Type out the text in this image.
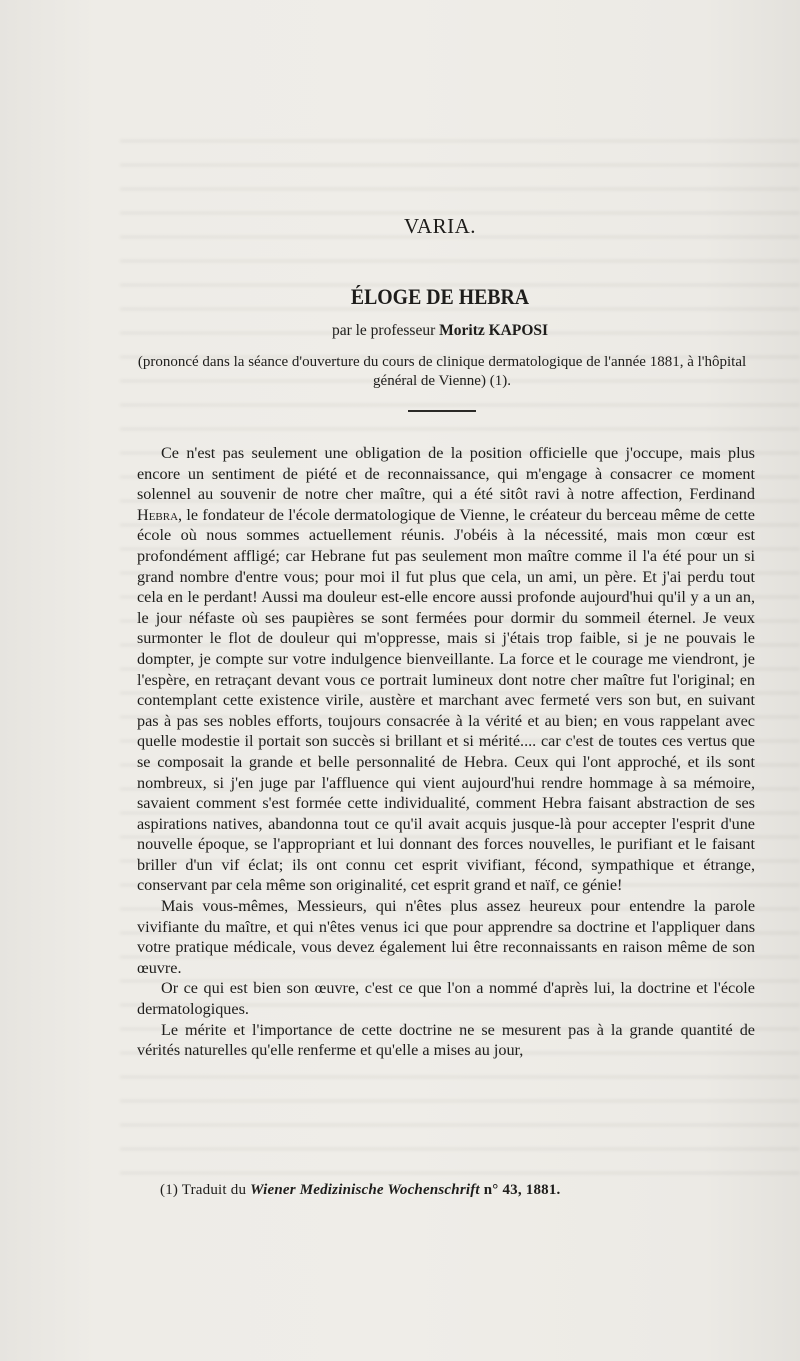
VARIA.
ÉLOGE DE HEBRA
par le professeur Moritz KAPOSI
(prononcé dans la séance d'ouverture du cours de clinique dermatologique de l'année 1881, à l'hôpital général de Vienne) (1).

Ce n'est pas seulement une obligation de la position officielle que j'occupe, mais plus encore un sentiment de piété et de reconnaissance, qui m'engage à consacrer ce moment solennel au souvenir de notre cher maître, qui a été sitôt ravi à notre affection, Ferdinand Hebra, le fondateur de l'école dermatologique de Vienne, le créateur du berceau même de cette école où nous sommes actuellement réunis. J'obéis à la nécessité, mais mon cœur est profondément affligé; car Hebrane fut pas seulement mon maître comme il l'a été pour un si grand nombre d'entre vous; pour moi il fut plus que cela, un ami, un père. Et j'ai perdu tout cela en le perdant! Aussi ma douleur est-elle encore aussi profonde aujourd'hui qu'il y a un an, le jour néfaste où ses paupières se sont fermées pour dormir du sommeil éternel. Je veux surmonter le flot de douleur qui m'oppresse, mais si j'étais trop faible, si je ne pouvais le dompter, je compte sur votre indulgence bienveillante. La force et le courage me viendront, je l'espère, en retraçant devant vous ce portrait lumineux dont notre cher maître fut l'original; en contemplant cette existence virile, austère et marchant avec fermeté vers son but, en suivant pas à pas ses nobles efforts, toujours consacrée à la vérité et au bien; en vous rappelant avec quelle modestie il portait son succès si brillant et si mérité.... car c'est de toutes ces vertus que se composait la grande et belle personnalité de Hebra. Ceux qui l'ont approché, et ils sont nombreux, si j'en juge par l'affluence qui vient aujourd'hui rendre hommage à sa mémoire, savaient comment s'est formée cette individualité, comment Hebra faisant abstraction de ses aspirations natives, abandonna tout ce qu'il avait acquis jusque-là pour accepter l'esprit d'une nouvelle époque, se l'appropriant et lui donnant des forces nouvelles, le purifiant et le faisant briller d'un vif éclat; ils ont connu cet esprit vivifiant, fécond, sympathique et étrange, conservant par cela même son originalité, cet esprit grand et naïf, ce génie!

Mais vous-mêmes, Messieurs, qui n'êtes plus assez heureux pour entendre la parole vivifiante du maître, et qui n'êtes venus ici que pour apprendre sa doctrine et l'appliquer dans votre pratique médicale, vous devez également lui être reconnaissants en raison même de son œuvre.

Or ce qui est bien son œuvre, c'est ce que l'on a nommé d'après lui, la doctrine et l'école dermatologiques.

Le mérite et l'importance de cette doctrine ne se mesurent pas à la grande quantité de vérités naturelles qu'elle renferme et qu'elle a mises au jour,

(1) Traduit du Wiener Medizinische Wochenschrift n° 43, 1881.
